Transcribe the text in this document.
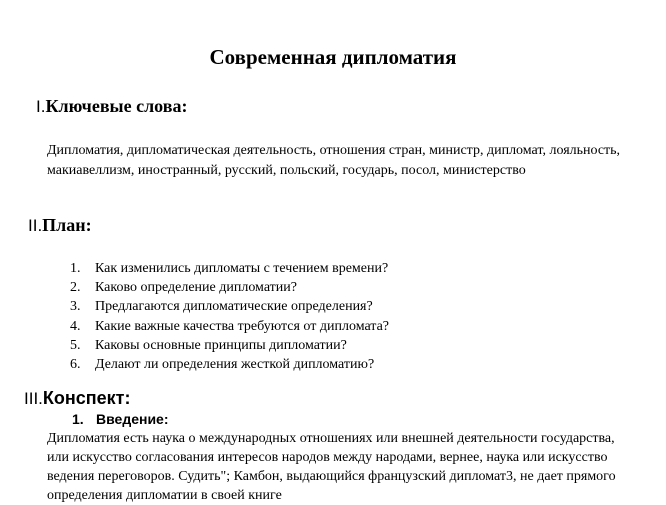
Современная дипломатия
I.Ключевые слова:
Дипломатия, дипломатическая деятельность, отношения стран, министр, дипломат, лояльность, макиавеллизм, иностранный, русский, польский, государь, посол, министерство
II.План:
1. Как изменились дипломаты с течением времени?
2. Каково определение дипломатии?
3. Предлагаются дипломатические определения?
4. Какие важные качества требуются от дипломата?
5. Каковы основные принципы дипломатии?
6. Делают ли определения жесткой дипломатию?
III.Конспект:
1. Введение:
Дипломатия есть наука о международных отношениях или внешней деятельности государства, или искусство согласования интересов народов между народами, вернее, наука или искусство ведения переговоров. Судить"; Камбон, выдающийся французский дипломат3, не дает прямого определения дипломатии в своей книге
